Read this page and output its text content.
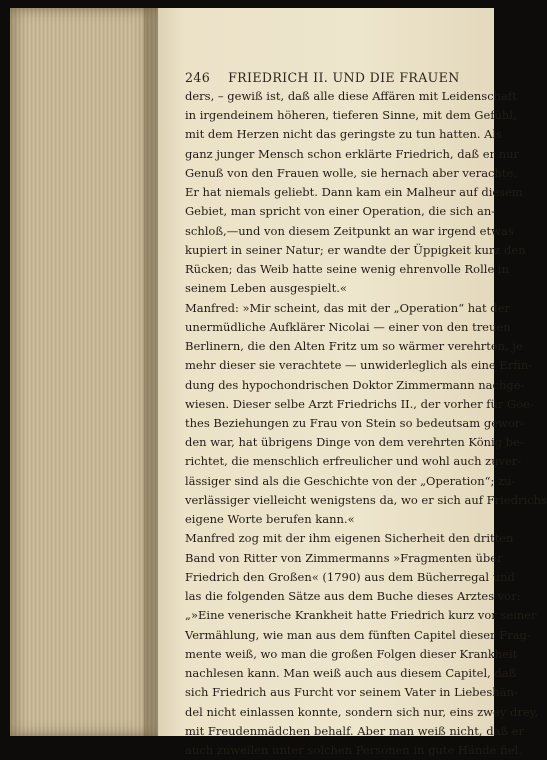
246 FRIEDRICH II. UND DIE FRAUEN
ders, – gewiß ist, daß alle diese Affären mit Leidenschaft
in irgendeinem höheren, tieferen Sinne, mit dem Gefühl,
mit dem Herzen nicht das geringste zu tun hatten. Als
ganz junger Mensch schon erklärte Friedrich, daß er nur
Genuß von den Frauen wolle, sie hernach aber verachte.
Er hat niemals geliebt. Dann kam ein Malheur auf diesem
Gebiet, man spricht von einer Operation, die sich an-
schloß,—und von diesem Zeitpunkt an war irgend etwas
kupiert in seiner Natur; er wandte der Üppigkeit kurz den
Rücken; das Weib hatte seine wenig ehrenvolle Rolle in
seinem Leben ausgespielt.«
Manfred: »Mir scheint, das mit der „Operation“ hat der
unermüdliche Aufklärer Nicolai — einer von den treuen
Berlinern, die den Alten Fritz um so wärmer verehrten, je
mehr dieser sie verachtete — unwiderleglich als eine Erfin-
dung des hypochondrischen Doktor Zimmermann nachge-
wiesen. Dieser selbe Arzt Friedrichs II., der vorher für Goe-
thes Beziehungen zu Frau von Stein so bedeutsam gewor-
den war, hat übrigens Dinge von dem verehrten König be-
richtet, die menschlich erfreulicher und wohl auch zuver-
lässiger sind als die Geschichte von der „Operation“; zu-
verlässiger vielleicht wenigstens da, wo er sich auf Friedrichs
eigene Worte berufen kann.«
Manfred zog mit der ihm eigenen Sicherheit den dritten
Band von Ritter von Zimmermanns »Fragmenten über
Friedrich den Großen« (1790) aus dem Bücherregal und
las die folgenden Sätze aus dem Buche dieses Arztes vor:
„»Eine venerische Krankheit hatte Friedrich kurz vor seiner
Vermählung, wie man aus dem fünften Capitel dieser Frag-
mente weiß, wo man die großen Folgen dieser Krankheit
nachlesen kann. Man weiß auch aus diesem Capitel, daß
sich Friedrich aus Furcht vor seinem Vater in Liebeshän-
del nicht einlassen konnte, sondern sich nur, eins zwey drey,
mit Freudenmädchen behalf. Aber man weiß nicht, daß er
auch zuweilen unter solchen Personen in gute Hände fiel.
